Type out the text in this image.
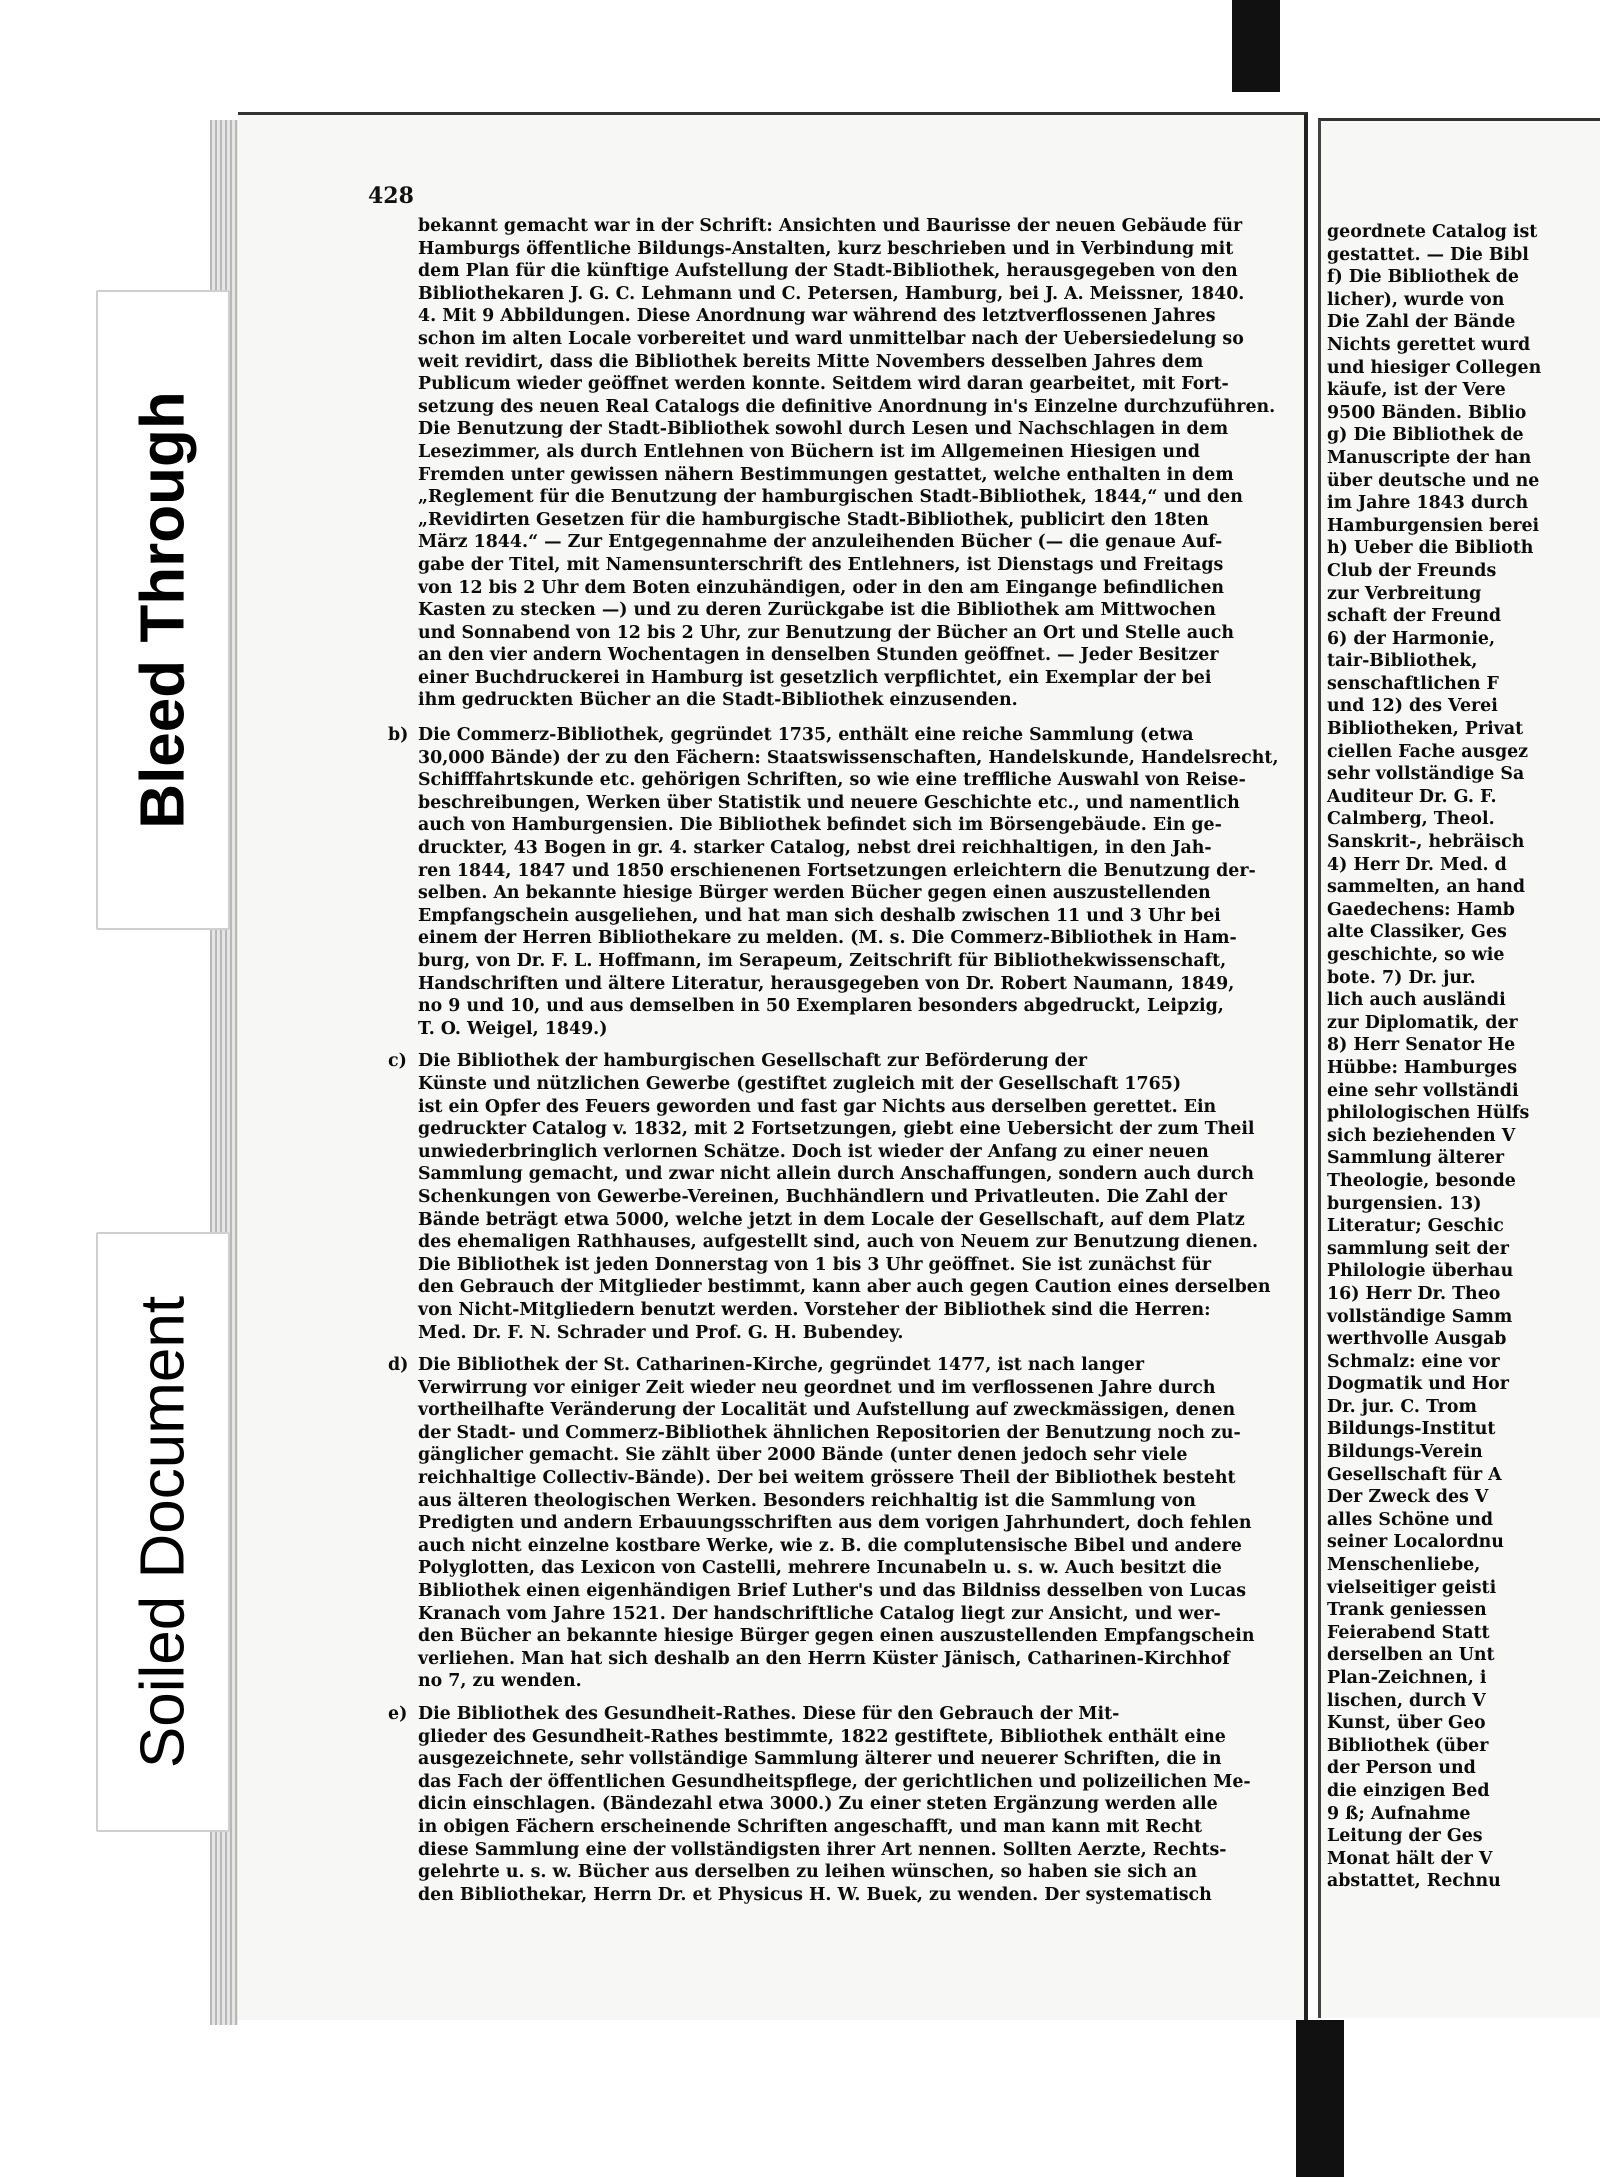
Bleed Through
428
bekannt gemacht war in der Schrift: Ansichten und Baurisse der neuen Gebäude für
Hamburgs öffentliche Bildungs-Anstalten, kurz beschrieben und in Verbindung mit
dem Plan für die künftige Aufstellung der Stadt-Bibliothek, herausgegeben von den
Bibliothekaren J. G. C. Lehmann und C. Petersen, Hamburg, bei J. A. Meissner, 1840.
4. Mit 9 Abbildungen. Diese Anordnung war während des letztverflossenen Jahres
schon im alten Locale vorbereitet und ward unmittelbar nach der Uebersiedelung so
weit revidirt, dass die Bibliothek bereits Mitte Novembers desselben Jahres dem
Publicum wieder geöffnet werden konnte. Seitdem wird daran gearbeitet, mit Fort-
setzung des neuen Real Catalogs die definitive Anordnung in's Einzelne durchzuführen.
Die Benutzung der Stadt-Bibliothek sowohl durch Lesen und Nachschlagen in dem
Lesezimmer, als durch Entlehnen von Büchern ist im Allgemeinen Hiesigen und
Fremden unter gewissen nähern Bestimmungen gestattet, welche enthalten in dem
„Reglement für die Benutzung der hamburgischen Stadt-Bibliothek, 1844,“ und den
„Revidirten Gesetzen für die hamburgische Stadt-Bibliothek, publicirt den 18ten
März 1844.“ — Zur Entgegennahme der anzuleihenden Bücher (— die genaue Auf-
gabe der Titel, mit Namensunterschrift des Entlehners, ist Dienstags und Freitags
von 12 bis 2 Uhr dem Boten einzuhändigen, oder in den am Eingange befindlichen
Kasten zu stecken —) und zu deren Zurückgabe ist die Bibliothek am Mittwochen
und Sonnabend von 12 bis 2 Uhr, zur Benutzung der Bücher an Ort und Stelle auch
an den vier andern Wochentagen in denselben Stunden geöffnet. — Jeder Besitzer
einer Buchdruckerei in Hamburg ist gesetzlich verpflichtet, ein Exemplar der bei
ihm gedruckten Bücher an die Stadt-Bibliothek einzusenden.
b) Die Commerz-Bibliothek, gegründet 1735, enthält eine reiche Sammlung (etwa
30,000 Bände) der zu den Fächern: Staatswissenschaften, Handelskunde, Handelsrecht,
Schifffahrtskunde etc. gehörigen Schriften, so wie eine treffliche Auswahl von Reise-
beschreibungen, Werken über Statistik und neuere Geschichte etc., und namentlich
auch von Hamburgensien. Die Bibliothek befindet sich im Börsengebäude. Ein ge-
druckter, 43 Bogen in gr. 4. starker Catalog, nebst drei reichhaltigen, in den Jah-
ren 1844, 1847 und 1850 erschienenen Fortsetzungen erleichtern die Benutzung der-
selben. An bekannte hiesige Bürger werden Bücher gegen einen auszustellenden
Empfangschein ausgeliehen, und hat man sich deshalb zwischen 11 und 3 Uhr bei
einem der Herren Bibliothekare zu melden. (M. s. Die Commerz-Bibliothek in Ham-
burg, von Dr. F. L. Hoffmann, im Serapeum, Zeitschrift für Bibliothekwissenschaft,
Handschriften und ältere Literatur, herausgegeben von Dr. Robert Naumann, 1849,
no 9 und 10, und aus demselben in 50 Exemplaren besonders abgedruckt, Leipzig,
T. O. Weigel, 1849.)
c) Die Bibliothek der hamburgischen Gesellschaft zur Beförderung der
Künste und nützlichen Gewerbe (gestiftet zugleich mit der Gesellschaft 1765)
ist ein Opfer des Feuers geworden und fast gar Nichts aus derselben gerettet. Ein
gedruckter Catalog v. 1832, mit 2 Fortsetzungen, giebt eine Uebersicht der zum Theil
unwiederbringlich verlornen Schätze. Doch ist wieder der Anfang zu einer neuen
Sammlung gemacht, und zwar nicht allein durch Anschaffungen, sondern auch durch
Schenkungen von Gewerbe-Vereinen, Buchhändlern und Privatleuten. Die Zahl der
Bände beträgt etwa 5000, welche jetzt in dem Locale der Gesellschaft, auf dem Platz
des ehemaligen Rathhauses, aufgestellt sind, auch von Neuem zur Benutzung dienen.
Die Bibliothek ist jeden Donnerstag von 1 bis 3 Uhr geöffnet. Sie ist zunächst für
den Gebrauch der Mitglieder bestimmt, kann aber auch gegen Caution eines derselben
von Nicht-Mitgliedern benutzt werden. Vorsteher der Bibliothek sind die Herren:
Med. Dr. F. N. Schrader und Prof. G. H. Bubendey.
d) Die Bibliothek der St. Catharinen-Kirche, gegründet 1477, ist nach langer
Verwirrung vor einiger Zeit wieder neu geordnet und im verflossenen Jahre durch
vortheilhafte Veränderung der Localität und Aufstellung auf zweckmässigen, denen
der Stadt- und Commerz-Bibliothek ähnlichen Repositorien der Benutzung noch zu-
gänglicher gemacht. Sie zählt über 2000 Bände (unter denen jedoch sehr viele
reichhaltige Collectiv-Bände). Der bei weitem grössere Theil der Bibliothek besteht
aus älteren theologischen Werken. Besonders reichhaltig ist die Sammlung von
Predigten und andern Erbauungsschriften aus dem vorigen Jahrhundert, doch fehlen
auch nicht einzelne kostbare Werke, wie z. B. die complutensische Bibel und andere
Polyglotten, das Lexicon von Castelli, mehrere Incunabeln u. s. w. Auch besitzt die
Bibliothek einen eigenhändigen Brief Luther's und das Bildniss desselben von Lucas
Kranach vom Jahre 1521. Der handschriftliche Catalog liegt zur Ansicht, und wer-
den Bücher an bekannte hiesige Bürger gegen einen auszustellenden Empfangschein
verliehen. Man hat sich deshalb an den Herrn Küster Jänisch, Catharinen-Kirchhof
no 7, zu wenden.
e) Die Bibliothek des Gesundheit-Rathes. Diese für den Gebrauch der Mit-
glieder des Gesundheit-Rathes bestimmte, 1822 gestiftete, Bibliothek enthält eine
ausgezeichnete, sehr vollständige Sammlung älterer und neuerer Schriften, die in
das Fach der öffentlichen Gesundheitspflege, der gerichtlichen und polizeilichen Me-
dicin einschlagen. (Bändezahl etwa 3000.) Zu einer steten Ergänzung werden alle
in obigen Fächern erscheinende Schriften angeschafft, und man kann mit Recht
diese Sammlung eine der vollständigsten ihrer Art nennen. Sollten Aerzte, Rechts-
gelehrte u. s. w. Bücher aus derselben zu leihen wünschen, so haben sie sich an
den Bibliothekar, Herrn Dr. et Physicus H. W. Buek, zu wenden. Der systematisch
geordnete Catalog ist
gestattet. — Die Bibl
f) Die Bibliothek de
licher), wurde von
Die Zahl der Bände
Nichts gerettet wurd
und hiesiger Collegen
käufe, ist der Vere
9500 Bänden. Biblio
g) Die Bibliothek de
Manuscripte der han
über deutsche und ne
im Jahre 1843 durch
Hamburgensien berei
h) Ueber die Biblioth
Club der Freunds
zur Verbreitung
schaft der Freund
6) der Harmonie,
tair-Bibliothek,
senschaftlichen F
und 12) des Verei
Bibliotheken, Privat
ciellen Fache ausgez
sehr vollständige Sa
Auditeur Dr. G. F.
Calmberg, Theol.
Sanskrit-, hebräisch
4) Herr Dr. Med. d
sammelten, an hand
Gaedechens: Hamb
alte Classiker, Ges
geschichte, so wie
bote. 7) Dr. jur.
lich auch ausländi
zur Diplomatik, der
8) Herr Senator He
Hübbe: Hamburges
eine sehr vollständi
philologischen Hülfs
sich beziehenden V
Sammlung älterer
Theologie, besonde
burgensien. 13)
Literatur; Geschic
sammlung seit der
Philologie überhau
16) Herr Dr. Theo
vollständige Samm
werthvolle Ausgab
Schmalz: eine vor
Dogmatik und Hor
Dr. jur. C. Trom
Bildungs-Institut
Bildungs-Verein
Gesellschaft für A
Der Zweck des V
alles Schöne und
seiner Localordnu
Menschenliebe,
vielseitiger geisti
Trank geniessen
Feierabend Statt
derselben an Unt
Plan-Zeichnen, i
lischen, durch V
Kunst, über Geo
Bibliothek (über
der Person und
die einzigen Bed
9 ß; Aufnahme
Leitung der Ges
Monat hält der V
abstattet, Rechnu
Soiled Document
